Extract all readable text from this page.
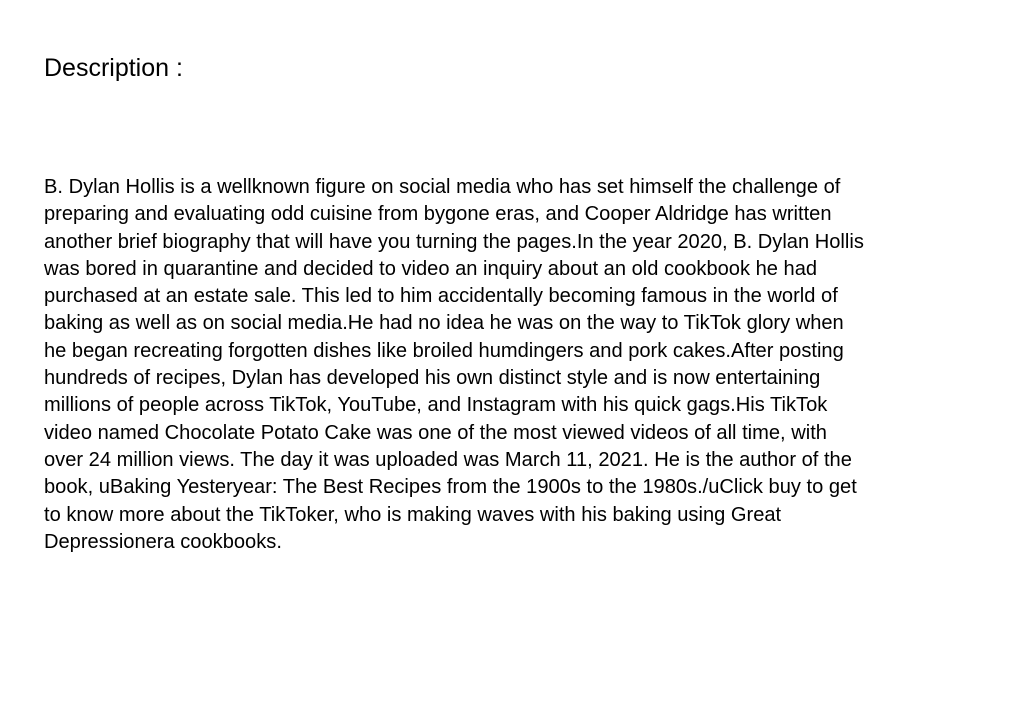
Description :
B. Dylan Hollis is a wellknown figure on social media who has set himself the challenge of
preparing and evaluating odd cuisine from bygone eras, and Cooper Aldridge has written
another brief biography that will have you turning the pages.In the year 2020, B. Dylan Hollis
was bored in quarantine and decided to video an inquiry about an old cookbook he had
purchased at an estate sale. This led to him accidentally becoming famous in the world of
baking as well as on social media.He had no idea he was on the way to TikTok glory when
he began recreating forgotten dishes like broiled humdingers and pork cakes.After posting
hundreds of recipes, Dylan has developed his own distinct style and is now entertaining
millions of people across TikTok, YouTube, and Instagram with his quick gags.His TikTok
video named Chocolate Potato Cake was one of the most viewed videos of all time, with
over 24 million views. The day it was uploaded was March 11, 2021. He is the author of the
book, uBaking Yesteryear: The Best Recipes from the 1900s to the 1980s./uClick buy to get
to know more about the TikToker, who is making waves with his baking using Great
Depressionera cookbooks.
